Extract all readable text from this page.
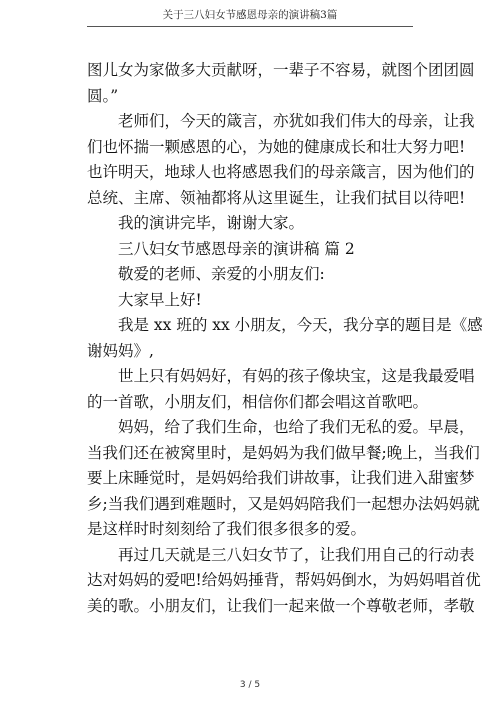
关于三八妇女节感恩母亲的演讲稿3篇
图儿女为家做多大贡献呀，一辈子不容易，就图个团团圆
圆。”
老师们，今天的箴言，亦犹如我们伟大的母亲，让我
们也怀揣一颗感恩的心，为她的健康成长和壮大努力吧!
也许明天，地球人也将感恩我们的母亲箴言，因为他们的
总统、主席、领袖都将从这里诞生，让我们拭目以待吧!
我的演讲完毕，谢谢大家。
三八妇女节感恩母亲的演讲稿 篇 2
敬爱的老师、亲爱的小朋友们:
大家早上好!
我是 xx 班的 xx 小朋友，今天，我分享的题目是《感
谢妈妈》,
世上只有妈妈好，有妈的孩子像块宝，这是我最爱唱
的一首歌，小朋友们，相信你们都会唱这首歌吧。
妈妈，给了我们生命，也给了我们无私的爱。早晨，
当我们还在被窝里时，是妈妈为我们做早餐;晚上，当我们
要上床睡觉时，是妈妈给我们讲故事，让我们进入甜蜜梦
乡;当我们遇到难题时，又是妈妈陪我们一起想办法妈妈就
是这样时时刻刻给了我们很多很多的爱。
再过几天就是三八妇女节了，让我们用自己的行动表
达对妈妈的爱吧!给妈妈捶背，帮妈妈倒水，为妈妈唱首优
美的歌。小朋友们，让我们一起来做一个尊敬老师，孝敬
3 / 5
